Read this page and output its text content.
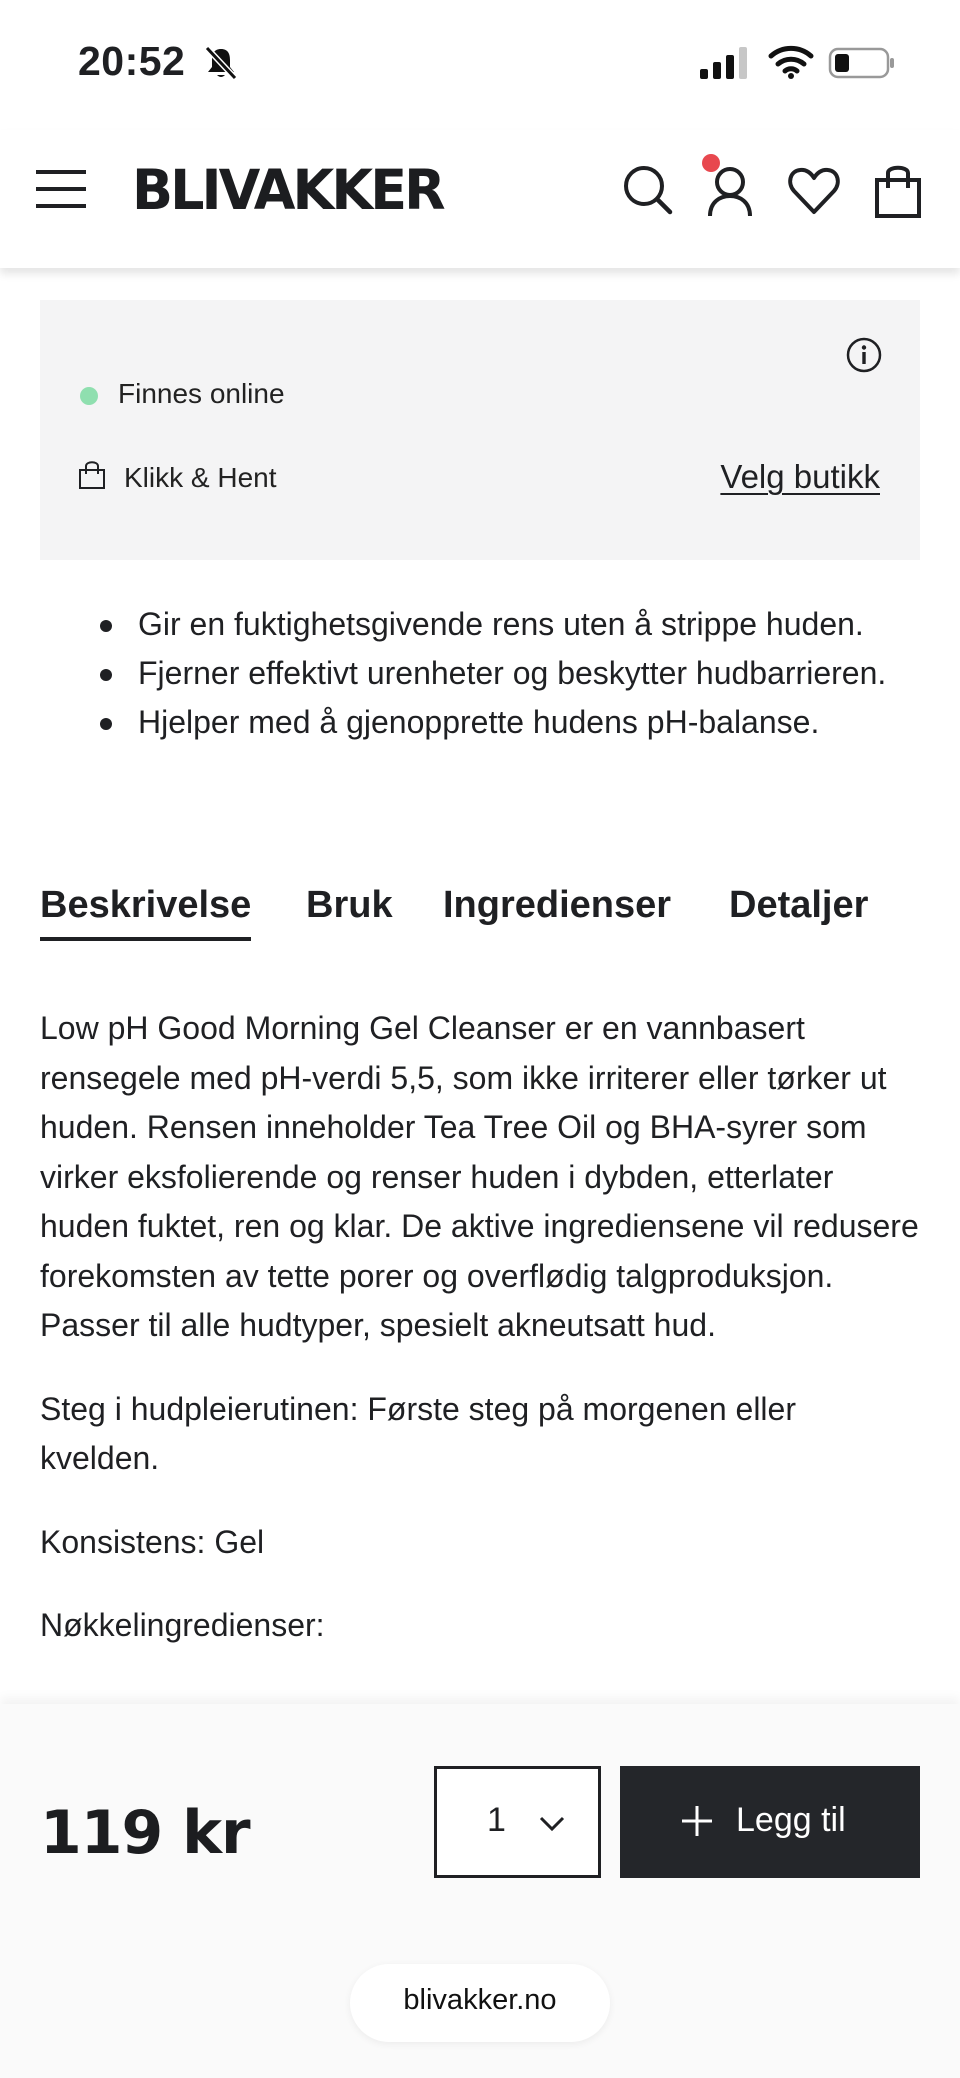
20:52
BLIVAKKER
Finnes online
Klikk & Hent	Velg butikk
Gir en fuktighetsgivende rens uten å strippe huden.
Fjerner effektivt urenheter og beskytter hudbarrieren.
Hjelper med å gjenopprette hudens pH-balanse.
Beskrivelse Bruk Ingredienser Detaljer

Low pH Good Morning Gel Cleanser er en vannbasert rensegele med pH-verdi 5,5, som ikke irriterer eller tørker ut huden. Rensen inneholder Tea Tree Oil og BHA-syrer som virker eksfolierende og renser huden i dybden, etterlater huden fuktet, ren og klar. De aktive ingrediensene vil redusere forekomsten av tette porer og overflødig talgproduksjon. Passer til alle hudtyper, spesielt akneutsatt hud.

Steg i hudpleierutinen: Første steg på morgenen eller kvelden.

Konsistens: Gel

Nøkkelingredienser:

119 kr	1	Legg til
blivakker.no
